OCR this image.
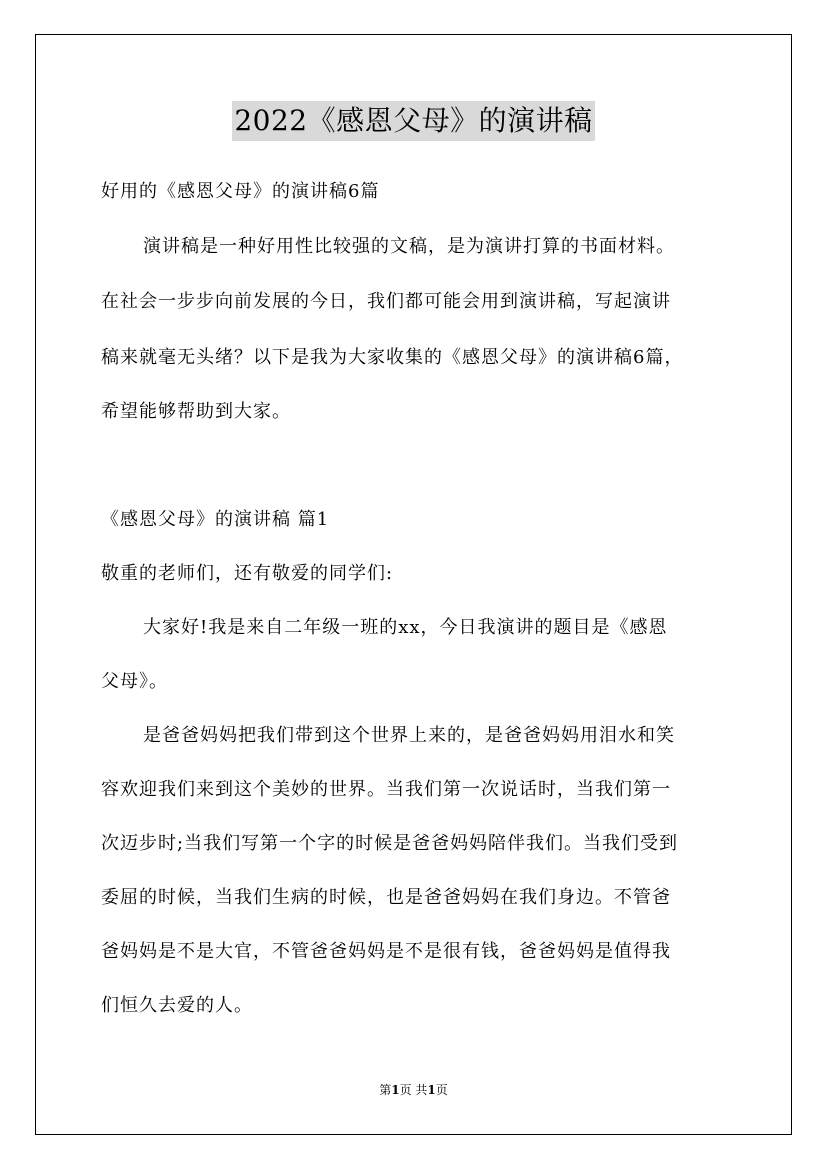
2022《感恩父母》的演讲稿
好用的《感恩父母》的演讲稿6篇
演讲稿是一种好用性比较强的文稿，是为演讲打算的书面材料。
在社会一步步向前发展的今日，我们都可能会用到演讲稿，写起演讲
稿来就毫无头绪？以下是我为大家收集的《感恩父母》的演讲稿6篇，
希望能够帮助到大家。
《感恩父母》的演讲稿 篇1
敬重的老师们，还有敬爱的同学们:
大家好!我是来自二年级一班的xx，今日我演讲的题目是《感恩
父母》。
是爸爸妈妈把我们带到这个世界上来的，是爸爸妈妈用泪水和笑
容欢迎我们来到这个美妙的世界。当我们第一次说话时，当我们第一
次迈步时;当我们写第一个字的时候是爸爸妈妈陪伴我们。当我们受到
委屈的时候，当我们生病的时候，也是爸爸妈妈在我们身边。不管爸
爸妈妈是不是大官，不管爸爸妈妈是不是很有钱，爸爸妈妈是值得我
们恒久去爱的人。
第1页 共1页
